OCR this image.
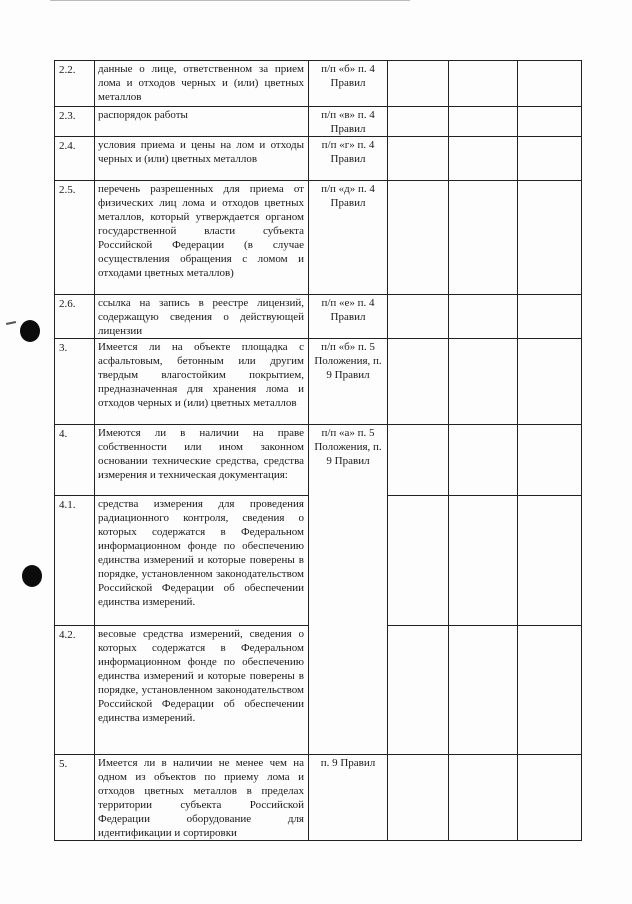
2.2.	данные о лице, ответственном за прием лома и отходов черных и (или) цветных металлов	п/п «б» п. 4 Правил			
2.3.	распорядок работы	п/п «в» п. 4 Правил			
2.4.	условия приема и цены на лом и отходы черных и (или) цветных металлов	п/п «г» п. 4 Правил			
2.5.	перечень разрешенных для приема от физических лиц лома и отходов цветных металлов, который утверждается органом государственной власти субъекта Российской Федерации (в случае осуществления обращения с ломом и отходами цветных металлов)	п/п «д» п. 4 Правил			
2.6.	ссылка на запись в реестре лицензий, содержащую сведения о действующей лицензии	п/п «е» п. 4 Правил			
3.	Имеется ли на объекте площадка с асфальтовым, бетонным или другим твердым влагостойким покрытием, предназначенная для хранения лома и отходов черных и (или) цветных металлов	п/п «б» п. 5 Положения, п. 9 Правил			
4.	Имеются ли в наличии на праве собственности или ином законном основании технические средства, средства измерения и техническая документация:	п/п «а» п. 5 Положения, п. 9 Правил			
4.1.	средства измерения для проведения радиационного контроля, сведения о которых содержатся в Федеральном информационном фонде по обеспечению единства измерений и которые поверены в порядке, установленном законодательством Российской Федерации об обеспечении единства измерений.				
4.2.	весовые средства измерений, сведения о которых содержатся в Федеральном информационном фонде по обеспечению единства измерений и которые поверены в порядке, установленном законодательством Российской Федерации об обеспечении единства измерений.				
5.	Имеется ли в наличии не менее чем на одном из объектов по приему лома и отходов цветных металлов в пределах территории субъекта Российской Федерации оборудование для идентификации и сортировки	п. 9 Правил			
